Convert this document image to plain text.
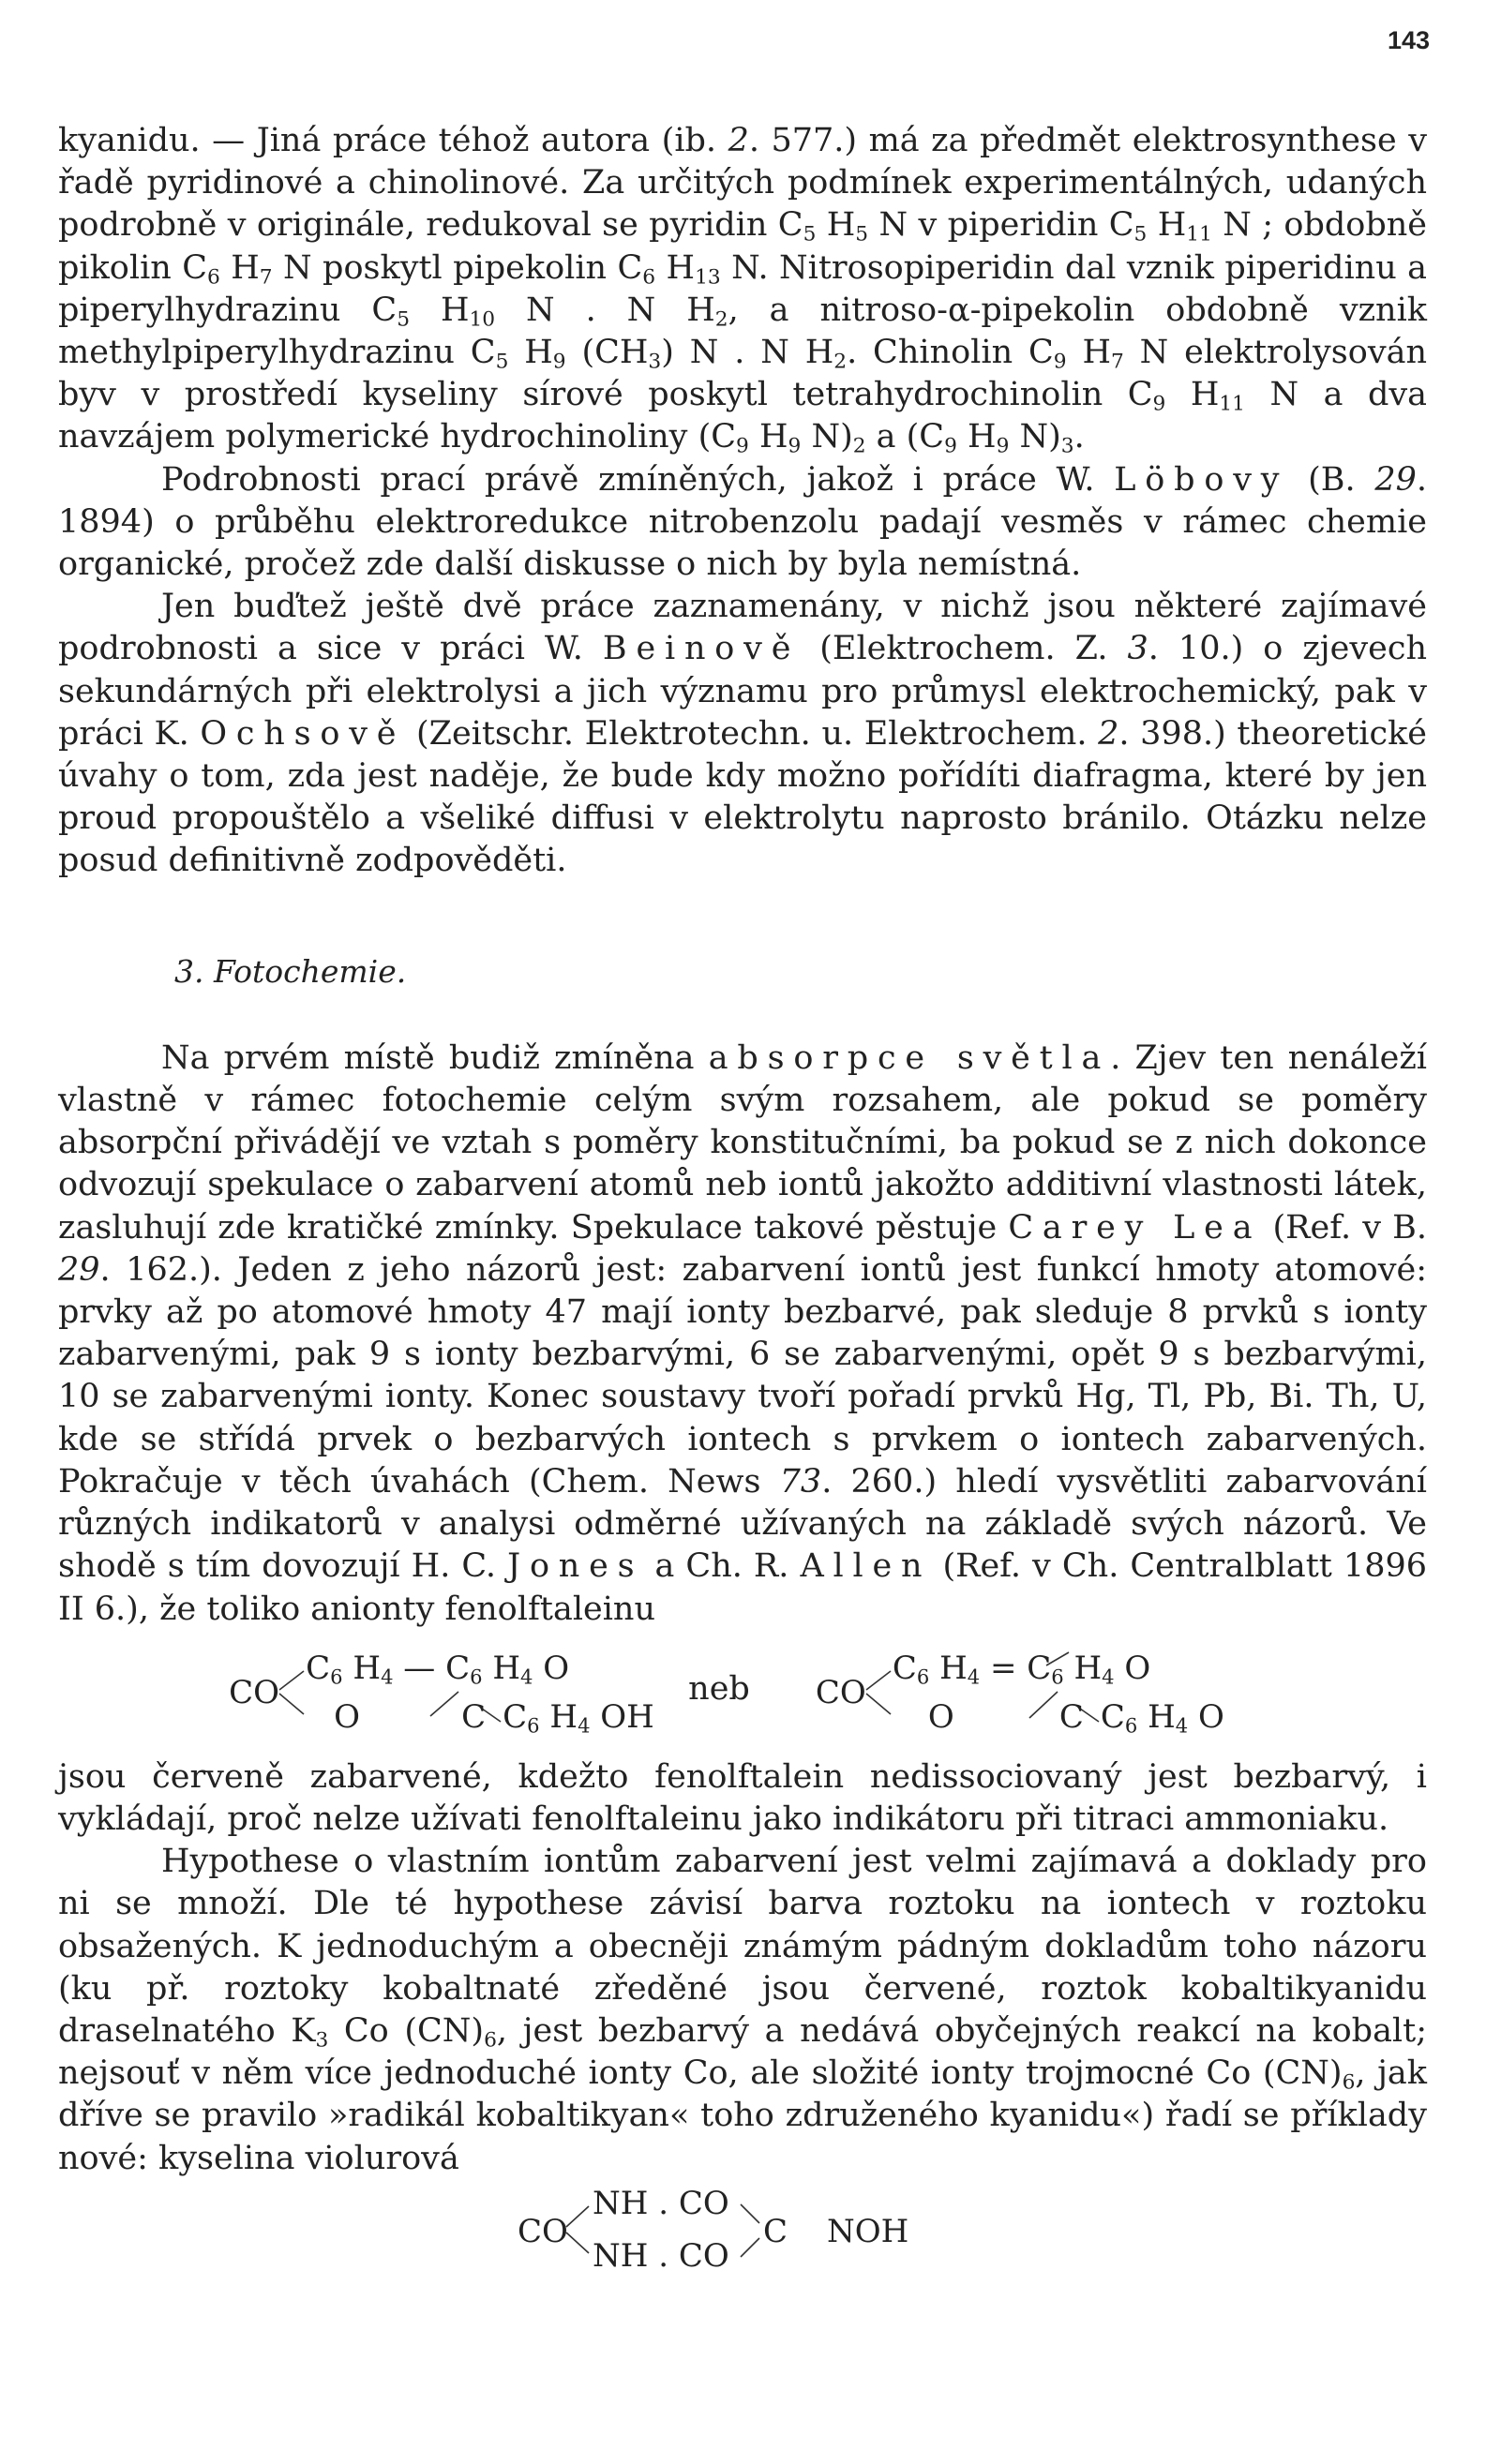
143

kyanidu. — Jiná práce téhož autora (ib. 2. 577.) má za předmět elektrosynthese v řadě pyridinové a chinolinové. Za určitých podmínek experimentálných, udaných podrobně v originále, redukoval se pyridin $C_5$ $H_5$ N v piperidin $C_5$ $H_{11}$ N ; obdobně pikolin $C_6$ $H_7$ N poskytl pipekolin $C_6$ $H_{13}$ N. Nitrosopiperidin dal vznik piperidinu a piperylhydrazinu $C_5$ $H_{10}$ N . N $H_2$, a nitroso-α-pipekolin obdobně vznik methylpiperylhydrazinu $C_5$ $H_9$ $(CH_3)$ N . N $H_2$. Chinolin $C_9$ $H_7$ N elektrolysován byv v prostředí kyseliny sírové poskytl tetrahydrochinolin $C_9$ $H_{11}$ N a dva navzájem polymerické hydrochinoliny ($C_9$ $H_9$ $N)_2$ a ($C_9$ $H_9$ $N)_3$.

Podrobnosti prací právě zmíněných, jakož i práce W. Löbovy (B. 29. 1894) o průběhu elektroredukce nitrobenzolu padají vesměs v rámec chemie organické, pročež zde další diskusse o nich by byla nemístná.

Jen buďtež ještě dvě práce zaznamenány, v nichž jsou některé zajímavé podrobnosti a sice v práci W. Beinově (Elektrochem. Z. 3. 10.) o zjevech sekundárných při elektrolysi a jich významu pro průmysl elektrochemický, pak v práci K. Ochsově (Zeitschr. Elektrotechn. u. Elektrochem. 2. 398.) theoretické úvahy o tom, zda jest naděje, že bude kdy možno pořídíti diafragma, které by jen proud propouštělo a všeliké diffusi v elektrolytu naprosto bránilo. Otázku nelze posud definitivně zodpověděti.

3. Fotochemie.

Na prvém místě budiž zmíněna absorpce světla. Zjev ten nenáleží vlastně v rámec fotochemie celým svým rozsahem, ale pokud se poměry absorpční přivádějí ve vztah s poměry konstitučními, ba pokud se z nich dokonce odvozují spekulace o zabarvení atomů neb iontů jakožto additivní vlastnosti látek, zasluhují zde kratičké zmínky. Spekulace takové pěstuje Carey Lea (Ref. v B. 29. 162.). Jeden z jeho názorů jest: zabarvení iontů jest funkcí hmoty atomové: prvky až po atomové hmoty 47 mají ionty bezbarvé, pak sleduje 8 prvků s ionty zabarvenými, pak 9 s ionty bezbarvými, 6 se zabarvenými, opět 9 s bezbarvými, 10 se zabarvenými ionty. Konec soustavy tvoří pořadí prvků Hg, Tl, Pb, Bi. Th, U, kde se střídá prvek o bezbarvých iontech s prvkem o iontech zabarvených. Pokračuje v těch úvahách (Chem. News 73. 260.) hledí vysvětliti zabarvování různých indikatorů v analysi odměrné užívaných na základě svých názorů. Ve shodě s tím dovozují H. C. Jones a Ch. R. Allen (Ref. v Ch. Centralblatt 1896 II 6.), že toliko anionty fenolftaleinu

CO
$C_6$ $H_4$ — $C_6$ $H_4$ O
O	C $C_6$ $H_4$ OH
neb CO
$C_6$ $H_4 = C_6$ $H_4$ O
O	C $C_6$ $H_4$ O

jsou červeně zabarvené, kdežto fenolftalein nedissociovaný jest bezbarvý, i vykládají, proč nelze užívati fenolftaleinu jako indikátoru při titraci ammoniaku.

Hypothese o vlastním iontům zabarvení jest velmi zajímavá a doklady pro ni se množí. Dle té hypothese závisí barva roztoku na iontech v roztoku obsažených. K jednoduchým a obecněji známým pádným dokladům toho názoru (ku př. roztoky kobaltnaté zředěné jsou červené, roztok kobaltikyanidu draselnatého $K_3$ Co $(CN)_6$, jest bezbarvý a nedává obyčejných reakcí na kobalt; nejsouť v něm více jednoduché ionty Co, ale složité ionty trojmocné Co $(CN)_6$, jak dříve se pravilo »radikál kobaltikyan« toho združeného kyanidu«) řadí se příklady nové: kyselina violurová

CO
NH . CO
NH . CO
C NOH
